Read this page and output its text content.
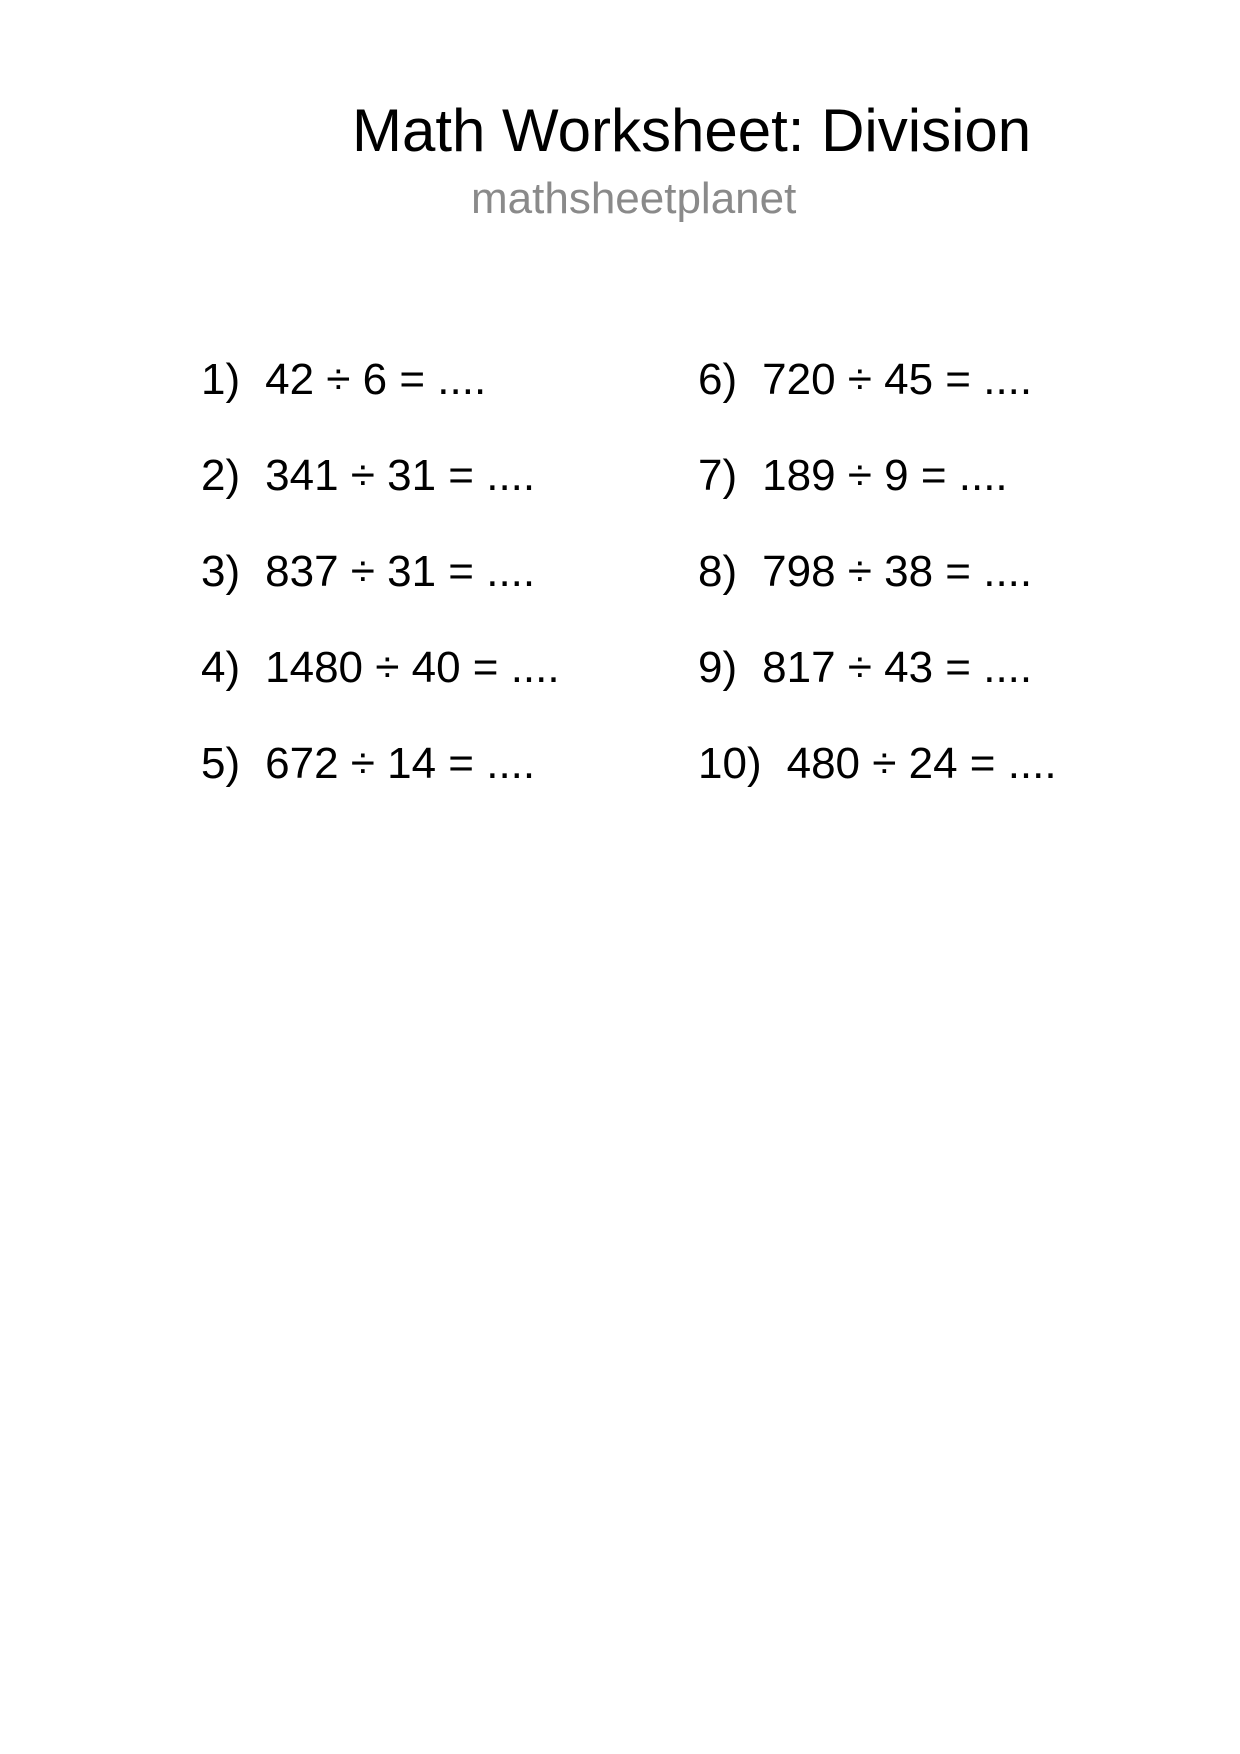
Math Worksheet: Division
mathsheetplanet
1) 42 ÷ 6 = ....
2) 341 ÷ 31 = ....
3) 837 ÷ 31 = ....
4) 1480 ÷ 40 = ....
5) 672 ÷ 14 = ....
6) 720 ÷ 45 = ....
7) 189 ÷ 9 = ....
8) 798 ÷ 38 = ....
9) 817 ÷ 43 = ....
10) 480 ÷ 24 = ....
